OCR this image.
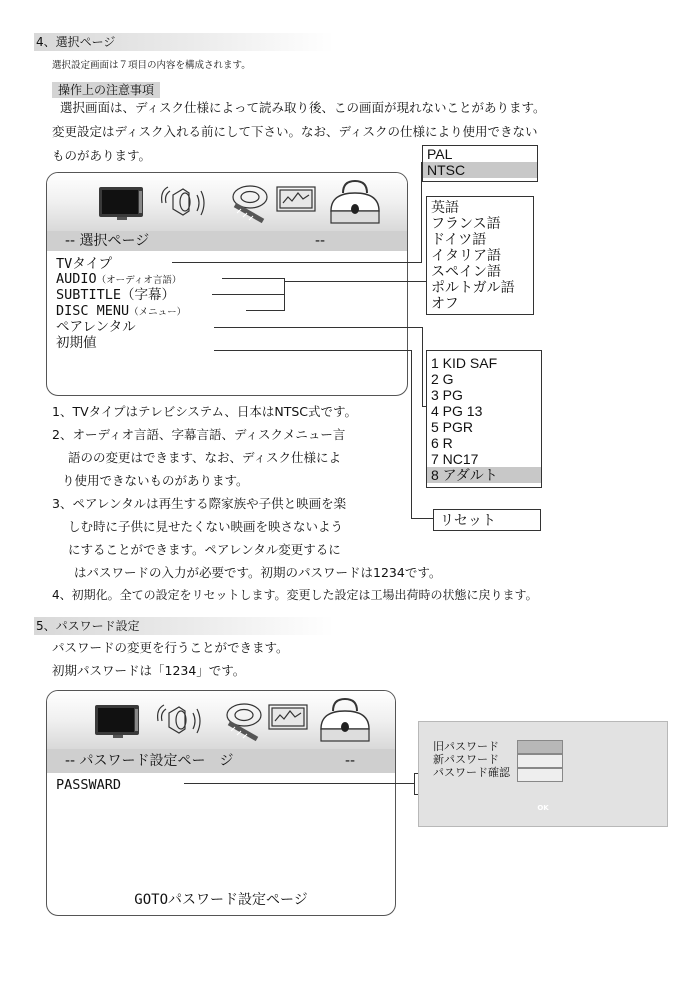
4、選択ページ
選択設定画面は７項目の内容を構成されます。
操作上の注意事項
選択画面は、ディスク仕様によって読み取り後、この画面が現れないことがあります。
変更設定はディスク入れる前にして下さい。なお、ディスクの仕様により使用できない
ものがあります。
-- 選択ページ	--
TVタイプ
AUDIO（オーディオ言語）
SUBTITLE（字幕）
DISC MENU（メニュー）
ペアレンタル
初期値
PAL
NTSC
英語
フランス語
ドイツ語
イタリア語
スペイン語
ポルトガル語
オフ
1 KID SAF
2 G
3 PG
4 PG 13
5 PGR
6 R
7 NC17
8 アダルト
リセット
1、TVタイプはテレビシステム、日本はNTSC式です。
2、オーディオ言語、字幕言語、ディスクメニュー言
語のの変更はできます、なお、ディスク仕様によ
り使用できないものがあります。
3、ペアレンタルは再生する際家族や子供と映画を楽
しむ時に子供に見せたくない映画を映さないよう
にすることができます。ペアレンタル変更するに
はパスワードの入力が必要です。初期のパスワードは1234です。
4、初期化。全ての設定をリセットします。変更した設定は工場出荷時の状態に戻ります。
5、パスワード設定
パスワードの変更を行うことができます。
初期パスワードは「1234」です。
-- パスワード設定ペー　ジ	--
PASSWARD
GOTOパスワード設定ページ
旧パスワード
新パスワード
パスワード確認
OK
